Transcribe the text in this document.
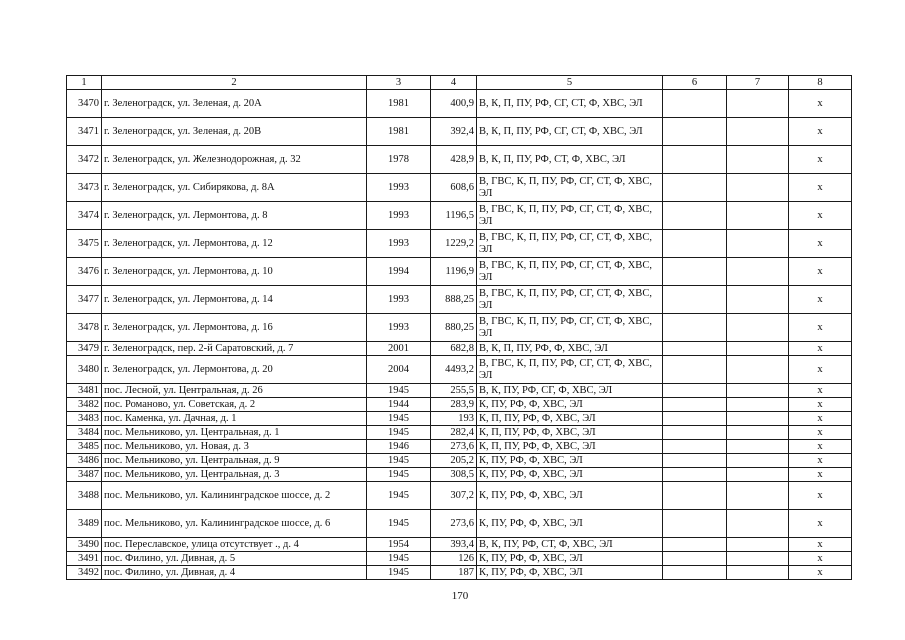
1	2	3	4	5	6	7	8
3470	г. Зеленоградск, ул. Зеленая, д. 20А	1981	400,9	В, К, П, ПУ, РФ, СГ, СТ, Ф, ХВС, ЭЛ			x
3471	г. Зеленоградск, ул. Зеленая, д. 20В	1981	392,4	В, К, П, ПУ, РФ, СГ, СТ, Ф, ХВС, ЭЛ			x
3472	г. Зеленоградск, ул. Железнодорожная, д. 32	1978	428,9	В, К, П, ПУ, РФ, СТ, Ф, ХВС, ЭЛ			x
3473	г. Зеленоградск, ул. Сибирякова, д. 8А	1993	608,6	В, ГВС, К, П, ПУ, РФ, СГ, СТ, Ф, ХВС, ЭЛ			x
3474	г. Зеленоградск, ул. Лермонтова, д. 8	1993	1196,5	В, ГВС, К, П, ПУ, РФ, СГ, СТ, Ф, ХВС, ЭЛ			x
3475	г. Зеленоградск, ул. Лермонтова, д. 12	1993	1229,2	В, ГВС, К, П, ПУ, РФ, СГ, СТ, Ф, ХВС, ЭЛ			x
3476	г. Зеленоградск, ул. Лермонтова, д. 10	1994	1196,9	В, ГВС, К, П, ПУ, РФ, СГ, СТ, Ф, ХВС, ЭЛ			x
3477	г. Зеленоградск, ул. Лермонтова, д. 14	1993	888,25	В, ГВС, К, П, ПУ, РФ, СГ, СТ, Ф, ХВС, ЭЛ			x
3478	г. Зеленоградск, ул. Лермонтова, д. 16	1993	880,25	В, ГВС, К, П, ПУ, РФ, СГ, СТ, Ф, ХВС, ЭЛ			x
3479	г. Зеленоградск, пер. 2-й Саратовский, д. 7	2001	682,8	В, К, П, ПУ, РФ, Ф, ХВС, ЭЛ			x
3480	г. Зеленоградск, ул. Лермонтова, д. 20	2004	4493,2	В, ГВС, К, П, ПУ, РФ, СГ, СТ, Ф, ХВС, ЭЛ			x
3481	пос. Лесной, ул. Центральная, д. 26	1945	255,5	В, К, ПУ, РФ, СГ, Ф, ХВС, ЭЛ			x
3482	пос. Романово, ул. Советская, д. 2	1944	283,9	К, ПУ, РФ, Ф, ХВС, ЭЛ			x
3483	пос. Каменка, ул. Дачная, д. 1	1945	193	К, П, ПУ, РФ, Ф, ХВС, ЭЛ			x
3484	пос. Мельниково, ул. Центральная, д. 1	1945	282,4	К, П, ПУ, РФ, Ф, ХВС, ЭЛ			x
3485	пос. Мельниково, ул. Новая, д. 3	1946	273,6	К, П, ПУ, РФ, Ф, ХВС, ЭЛ			x
3486	пос. Мельниково, ул. Центральная, д. 9	1945	205,2	К, ПУ, РФ, Ф, ХВС, ЭЛ			x
3487	пос. Мельниково, ул. Центральная, д. 3	1945	308,5	К, ПУ, РФ, Ф, ХВС, ЭЛ			x
3488	пос. Мельниково, ул. Калининградское шоссе, д. 2	1945	307,2	К, ПУ, РФ, Ф, ХВС, ЭЛ			x
3489	пос. Мельниково, ул. Калининградское шоссе, д. 6	1945	273,6	К, ПУ, РФ, Ф, ХВС, ЭЛ			x
3490	пос. Переславское, улица отсутствует ., д. 4	1954	393,4	В, К, ПУ, РФ, СТ, Ф, ХВС, ЭЛ			x
3491	пос. Филино, ул. Дивная, д. 5	1945	126	К, ПУ, РФ, Ф, ХВС, ЭЛ			x
3492	пос. Филино, ул. Дивная, д. 4	1945	187	К, ПУ, РФ, Ф, ХВС, ЭЛ			x
170
